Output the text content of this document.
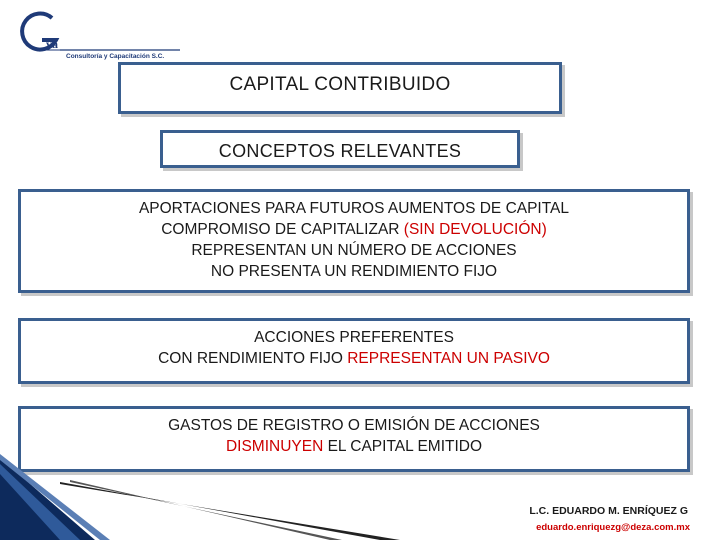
va
Consultoría y Capacitación S.C.
CAPITAL CONTRIBUIDO
CONCEPTOS RELEVANTES
APORTACIONES PARA FUTUROS AUMENTOS DE CAPITAL
COMPROMISO DE CAPITALIZAR (SIN DEVOLUCIÓN)
REPRESENTAN UN NÚMERO DE ACCIONES
NO PRESENTA UN RENDIMIENTO FIJO
ACCIONES PREFERENTES
CON RENDIMIENTO FIJO REPRESENTAN UN PASIVO
GASTOS DE REGISTRO O EMISIÓN DE ACCIONES
DISMINUYEN EL CAPITAL EMITIDO
L.C. EDUARDO M. ENRÍQUEZ G
eduardo.enriquezg@deza.com.mx
